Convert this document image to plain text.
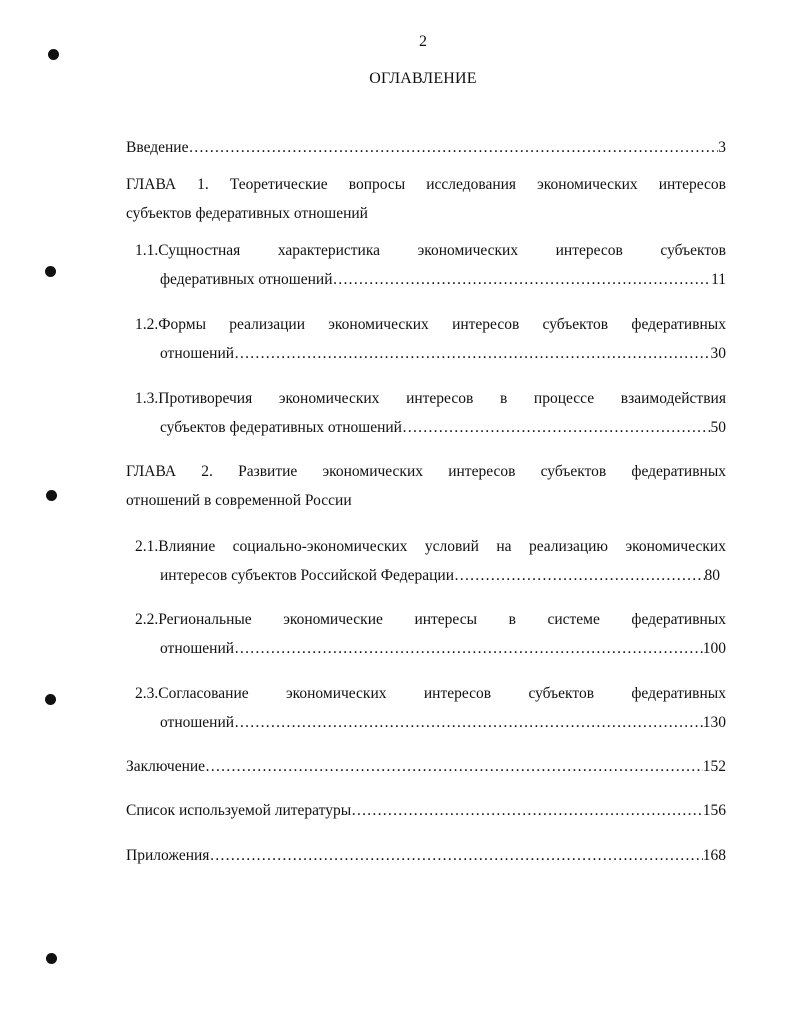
2
ОГЛАВЛЕНИЕ
Введение …………………………………………………………………………………………………………………………………………………………………………	3
ГЛАВА 1. Теоретические вопросы исследования экономических интересов
субъектов федеративных отношений
1.1.Сущностная характеристика экономических интересов субъектов
федеративных отношений …………………………………………………………………………………………………………………………………………………………………………	11
1.2.Формы реализации экономических интересов субъектов федеративных
отношений …………………………………………………………………………………………………………………………………………………………………………	30
1.3.Противоречия экономических интересов в процессе взаимодействия
субъектов федеративных отношений …………………………………………………………………………………………………………………………………………………………………………	50
ГЛАВА 2. Развитие экономических интересов субъектов федеративных
отношений в современной России
2.1.Влияние социально-экономических условий на реализацию экономических
интересов субъектов Российской Федерации …………………………………………………………………………………………………………………………………………………………………………	80
2.2.Региональные экономические интересы в системе федеративных
отношений …………………………………………………………………………………………………………………………………………………………………………	100
2.3.Согласование экономических интересов субъектов федеративных
отношений …………………………………………………………………………………………………………………………………………………………………………	130
Заключение …………………………………………………………………………………………………………………………………………………………………………	152
Список используемой литературы …………………………………………………………………………………………………………………………………………………………………………	156
Приложения …………………………………………………………………………………………………………………………………………………………………………	168
